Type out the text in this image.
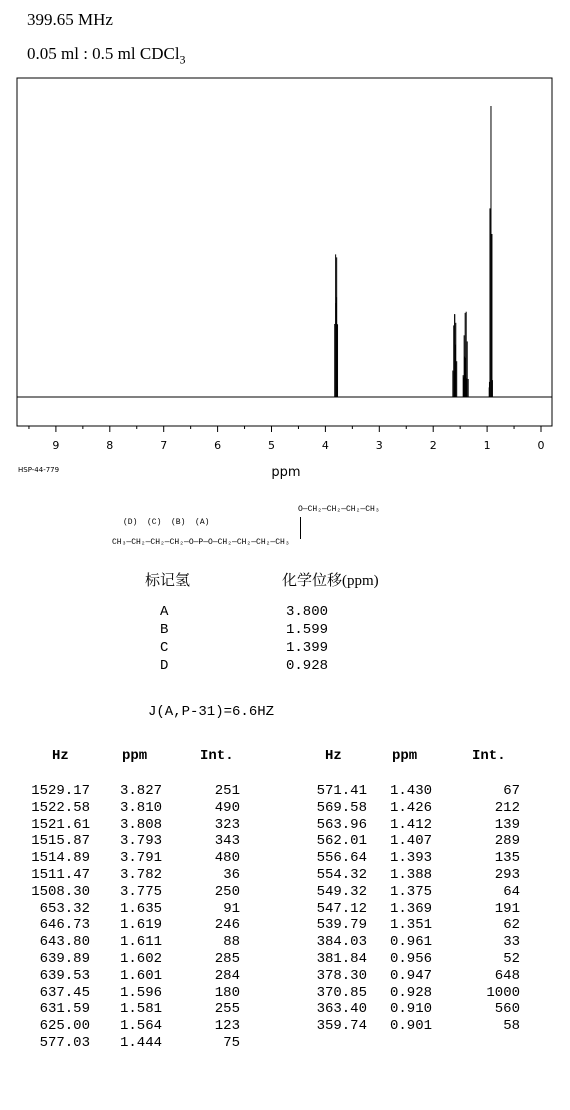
399.65 MHz
0.05 ml : 0.5 ml CDCl$_3$
9	8	7	6	5	4	3	2	1	0
ppm
HSP-44-779
O—CH₂—CH₂—CH₂—CH₃
(D)  (C)  (B)  (A)
CH₃—CH₂—CH₂—CH₂—O—P—O—CH₂—CH₂—CH₂—CH₃
标记氢	化学位移(ppm)
A	3.800
B	1.599
C	1.399
D	0.928
J(A,P-31)=6.6HZ
Hz	ppm	Int.	Hz	ppm	Int.
1529.17	3.827	251
1522.58	3.810	490
1521.61	3.808	323
1515.87	3.793	343
1514.89	3.791	480
1511.47	3.782	36
1508.30	3.775	250
653.32	1.635	91
646.73	1.619	246
643.80	1.611	88
639.89	1.602	285
639.53	1.601	284
637.45	1.596	180
631.59	1.581	255
625.00	1.564	123
577.03	1.444	75
571.41	1.430	67
569.58	1.426	212
563.96	1.412	139
562.01	1.407	289
556.64	1.393	135
554.32	1.388	293
549.32	1.375	64
547.12	1.369	191
539.79	1.351	62
384.03	0.961	33
381.84	0.956	52
378.30	0.947	648
370.85	0.928	1000
363.40	0.910	560
359.74	0.901	58
